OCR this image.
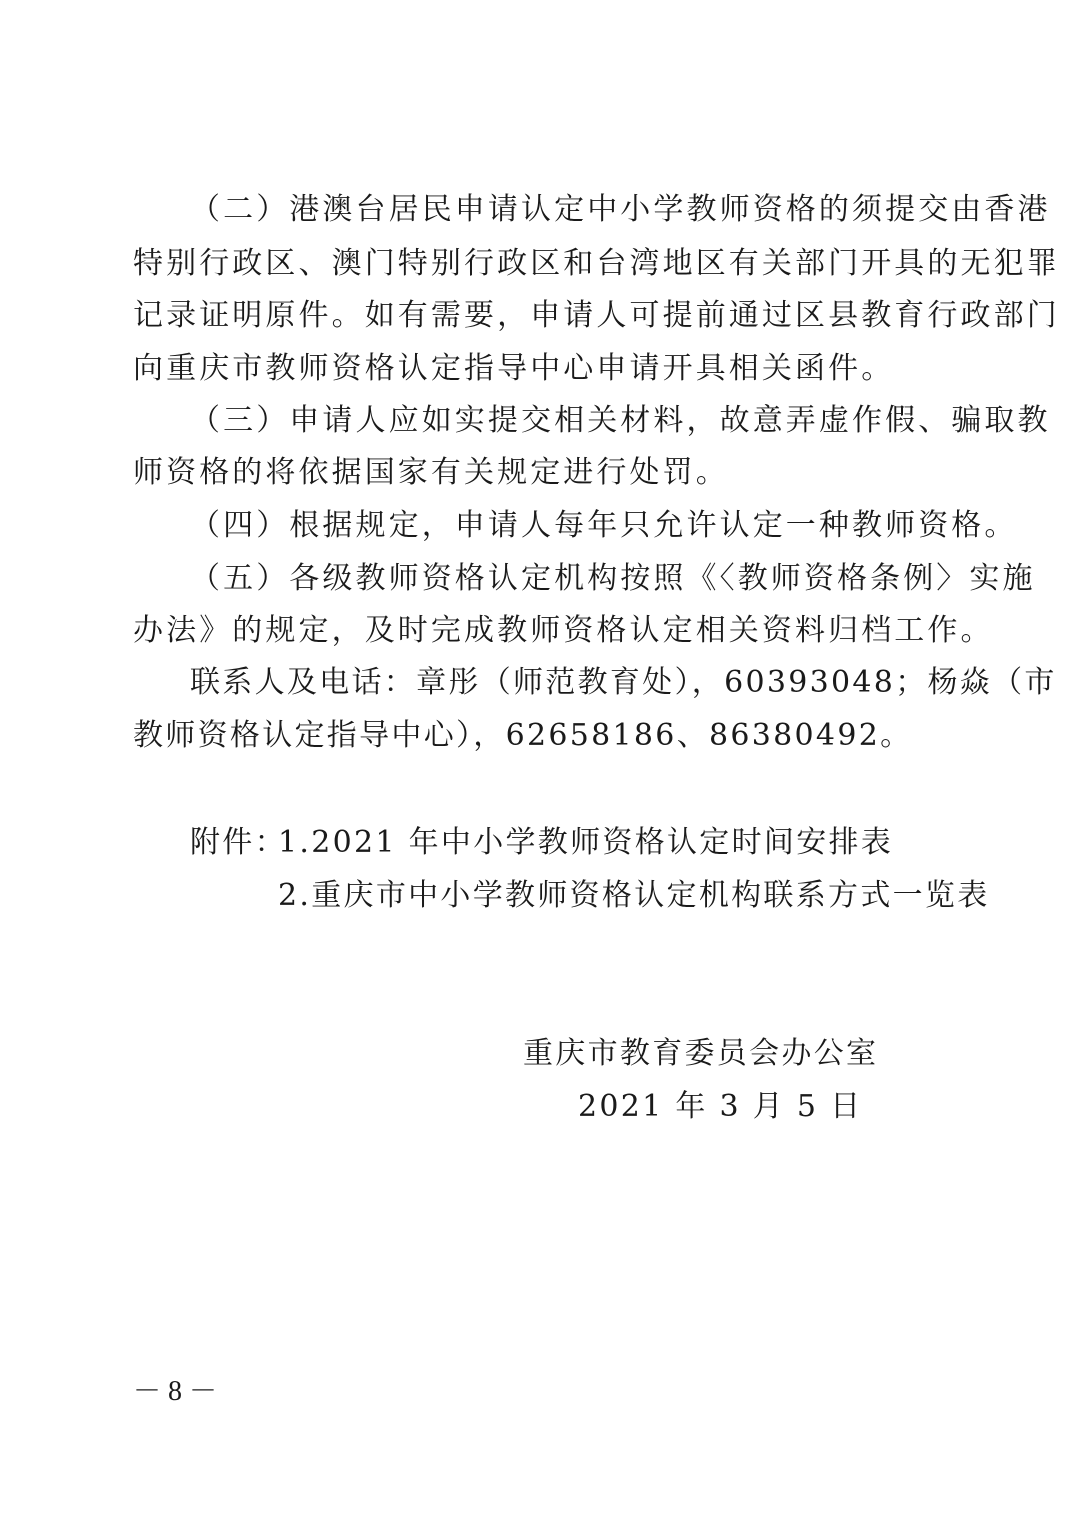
（二）港澳台居民申请认定中小学教师资格的须提交由香港
特别行政区、澳门特别行政区和台湾地区有关部门开具的无犯罪
记录证明原件。如有需要，申请人可提前通过区县教育行政部门
向重庆市教师资格认定指导中心申请开具相关函件。
（三）申请人应如实提交相关材料，故意弄虚作假、骗取教
师资格的将依据国家有关规定进行处罚。
（四）根据规定，申请人每年只允许认定一种教师资格。
（五）各级教师资格认定机构按照《〈教师资格条例〉实施
办法》的规定，及时完成教师资格认定相关资料归档工作。
联系人及电话：章彤（师范教育处），60393048；杨焱（市
教师资格认定指导中心），62658186、86380492。
附件：
1.2021 年中小学教师资格认定时间安排表
2.重庆市中小学教师资格认定机构联系方式一览表
重庆市教育委员会办公室
2021 年 3 月 5 日
－ 8 －
